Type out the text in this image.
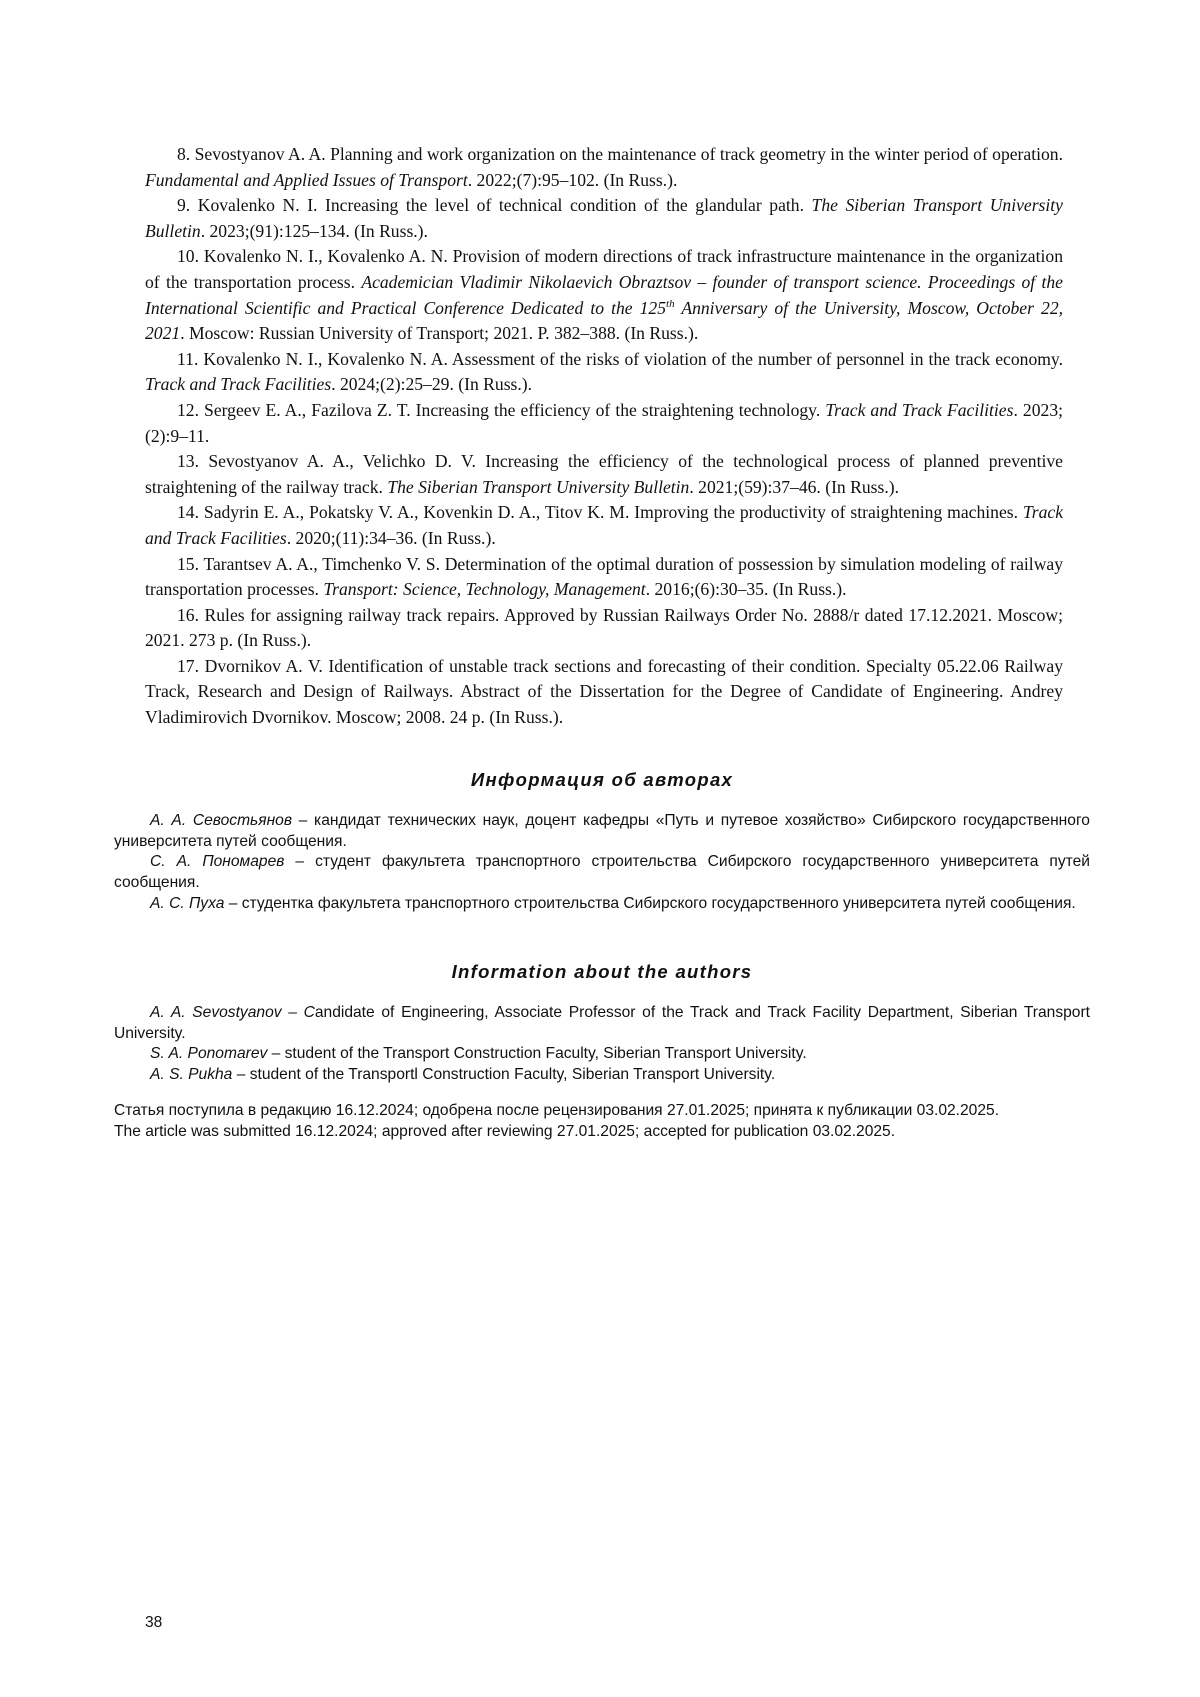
8. Sevostyanov A. A. Planning and work organization on the maintenance of track geometry in the winter period of operation. Fundamental and Applied Issues of Transport. 2022;(7):95–102. (In Russ.).

9. Kovalenko N. I. Increasing the level of technical condition of the glandular path. The Siberian Transport University Bulletin. 2023;(91):125–134. (In Russ.).

10. Kovalenko N. I., Kovalenko A. N. Provision of modern directions of track infrastructure maintenance in the organization of the transportation process. Academician Vladimir Nikolaevich Obraztsov – founder of transport science. Proceedings of the International Scientific and Practical Conference Dedicated to the 125th Anniversary of the University, Moscow, October 22, 2021. Moscow: Russian University of Transport; 2021. P. 382–388. (In Russ.).

11. Kovalenko N. I., Kovalenko N. A. Assessment of the risks of violation of the number of personnel in the track economy. Track and Track Facilities. 2024;(2):25–29. (In Russ.).

12. Sergeev E. A., Fazilova Z. T. Increasing the efficiency of the straightening technology. Track and Track Facilities. 2023;(2):9–11.

13. Sevostyanov A. A., Velichko D. V. Increasing the efficiency of the technological process of planned preventive straightening of the railway track. The Siberian Transport University Bulletin. 2021;(59):37–46. (In Russ.).

14. Sadyrin E. A., Pokatsky V. A., Kovenkin D. A., Titov K. M. Improving the productivity of straightening machines. Track and Track Facilities. 2020;(11):34–36. (In Russ.).

15. Tarantsev A. A., Timchenko V. S. Determination of the optimal duration of possession by simulation modeling of railway transportation processes. Transport: Science, Technology, Management. 2016;(6):30–35. (In Russ.).

16. Rules for assigning railway track repairs. Approved by Russian Railways Order No. 2888/r dated 17.12.2021. Moscow; 2021. 273 p. (In Russ.).

17. Dvornikov A. V. Identification of unstable track sections and forecasting of their condition. Specialty 05.22.06 Railway Track, Research and Design of Railways. Abstract of the Dissertation for the Degree of Candidate of Engineering. Andrey Vladimirovich Dvornikov. Moscow; 2008. 24 p. (In Russ.).

Информация об авторах

А. А. Севостьянов – кандидат технических наук, доцент кафедры «Путь и путевое хозяйство» Сибирского государственного университета путей сообщения.

С. А. Пономарев – студент факультета транспортного строительства Сибирского государственного университета путей сообщения.

А. С. Пуха – студентка факультета транспортного строительства Сибирского государственного университета путей сообщения.

Information about the authors

A. A. Sevostyanov – Candidate of Engineering, Associate Professor of the Track and Track Facility Department, Siberian Transport University.

S. A. Ponomarev – student of the Transport Construction Faculty, Siberian Transport University.

A. S. Pukha – student of the Transportl Construction Faculty, Siberian Transport University.

Статья поступила в редакцию 16.12.2024; одобрена после рецензирования 27.01.2025; принята к публикации 03.02.2025.

The article was submitted 16.12.2024; approved after reviewing 27.01.2025; accepted for publication 03.02.2025.

38
